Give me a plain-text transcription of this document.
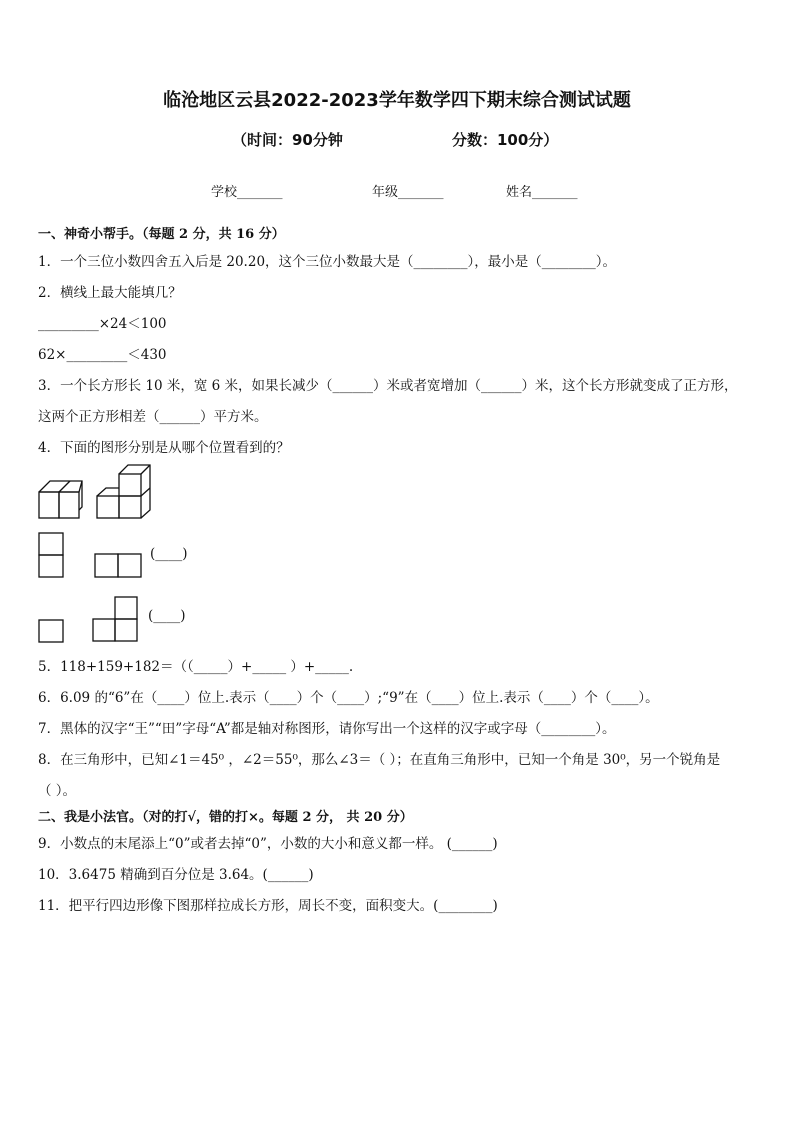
临沧地区云县2022-2023学年数学四下期末综合测试试题
（时间：90分钟	分数：100分）
学校_______	年级_______	姓名_______
一、神奇小帮手。（每题 2 分，共 16 分）
1．一个三位小数四舍五入后是 20.20，这个三位小数最大是（________），最小是（________）。
2．横线上最大能填几？
_________×24＜100
62×_________＜430
3．一个长方形长 10 米，宽 6 米，如果长减少（______）米或者宽增加（______）米，这个长方形就变成了正方形，
这两个正方形相差（______）平方米。
4．下面的图形分别是从哪个位置看到的？
(____)
(____)
5．118+159+182＝（（_____）+_____ ）+_____.
6．6.09 的“6”在（____）位上.表示（____）个（____）;“9”在（____）位上.表示（____）个（____）。
7．黑体的汉字“王”“田”字母“A”都是轴对称图形，请你写出一个这样的汉字或字母（________）。
8．在三角形中，已知∠1＝45⁰ ，∠2＝55⁰，那么∠3＝（ ）；在直角三角形中，已知一个角是 30⁰，另一个锐角是
（ ）。
二、我是小法官。（对的打√，错的打×。每题 2 分， 共 20 分）
9．小数点的末尾添上“0”或者去掉“0”，小数的大小和意义都一样。 (______)
10．3.6475 精确到百分位是 3.64。(______)
11．把平行四边形像下图那样拉成长方形，周长不变，面积变大。(________)
